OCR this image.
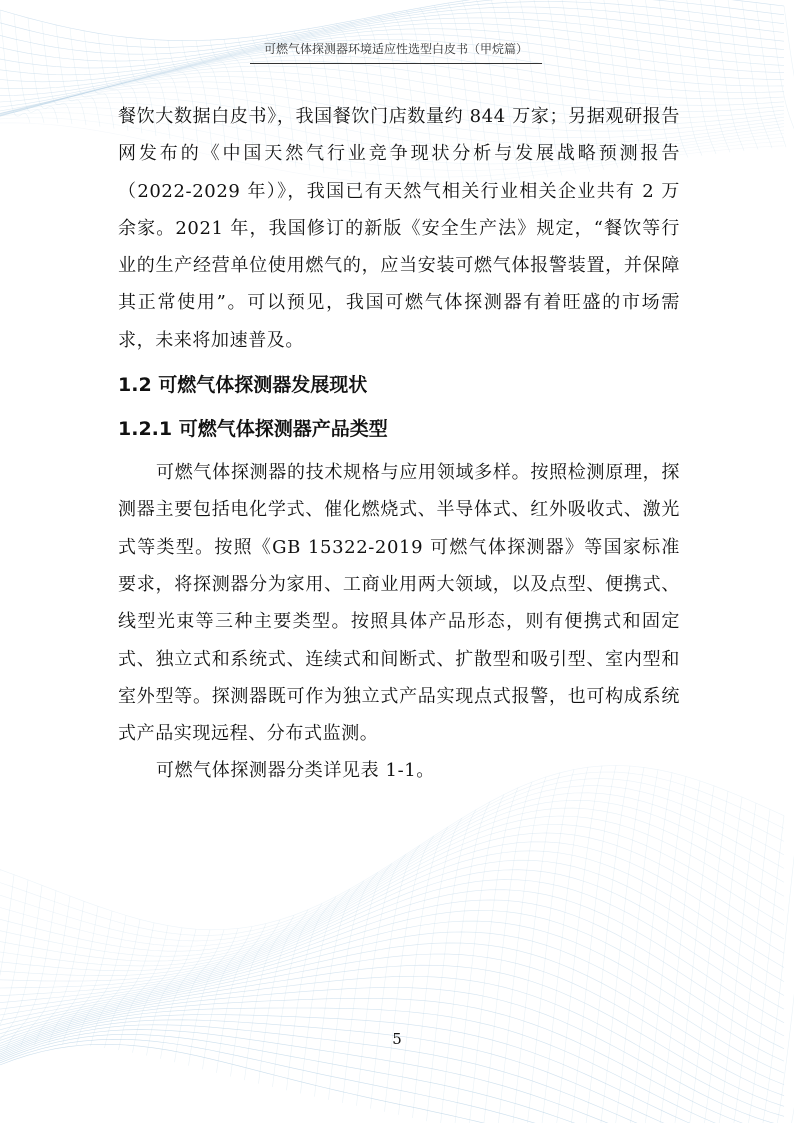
可燃气体探测器环境适应性选型白皮书（甲烷篇）

餐饮大数据白皮书》，我国餐饮门店数量约 844 万家；另据观研报告网发布的《中国天然气行业竞争现状分析与发展战略预测报告（2022-2029 年）》，我国已有天然气相关行业相关企业共有 2 万余家。2021 年，我国修订的新版《安全生产法》规定，“餐饮等行业的生产经营单位使用燃气的，应当安装可燃气体报警装置，并保障其正常使用”。可以预见，我国可燃气体探测器有着旺盛的市场需求，未来将加速普及。

1.2 可燃气体探测器发展现状
1.2.1 可燃气体探测器产品类型

可燃气体探测器的技术规格与应用领域多样。按照检测原理，探测器主要包括电化学式、催化燃烧式、半导体式、红外吸收式、激光式等类型。按照《GB 15322-2019 可燃气体探测器》等国家标准要求，将探测器分为家用、工商业用两大领域，以及点型、便携式、线型光束等三种主要类型。按照具体产品形态，则有便携式和固定式、独立式和系统式、连续式和间断式、扩散型和吸引型、室内型和室外型等。探测器既可作为独立式产品实现点式报警，也可构成系统式产品实现远程、分布式监测。

可燃气体探测器分类详见表 1-1。

5
